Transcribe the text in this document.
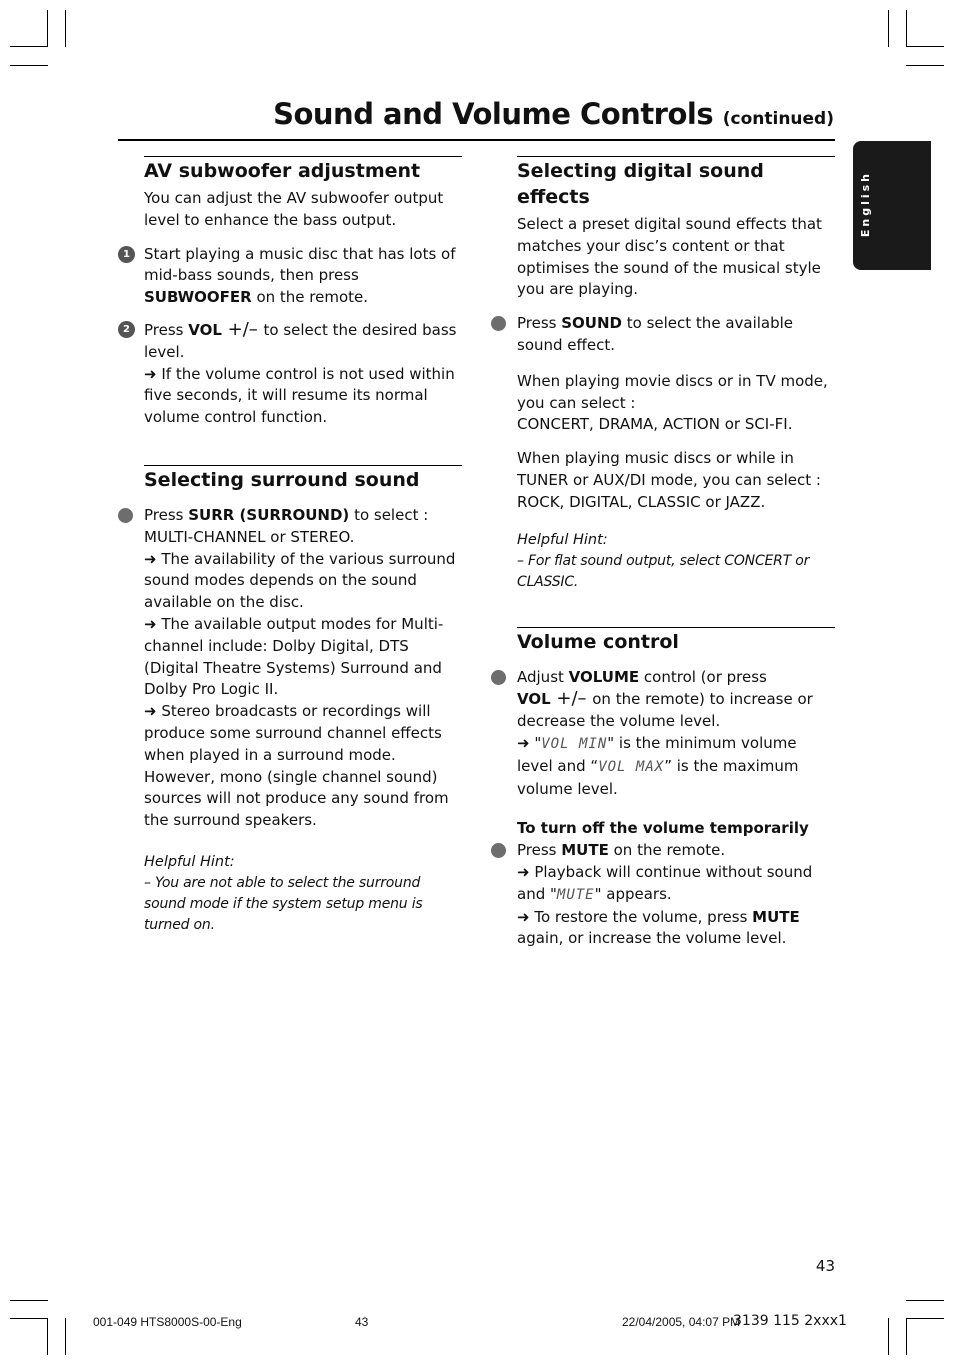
Sound and Volume Controls (continued)
English
AV subwoofer adjustment

You can adjust the AV subwoofer output level to enhance the bass output.

1 Start playing a music disc that has lots of mid-bass sounds, then press SUBWOOFER on the remote.
2 Press VOL +/– to select the desired bass level.
➜ If the volume control is not used within five seconds, it will resume its normal volume control function.
Selecting surround sound
Press SURR (SURROUND) to select : MULTI-CHANNEL or STEREO.
➜ The availability of the various surround sound modes depends on the sound available on the disc.
➜ The available output modes for Multi-channel include: Dolby Digital, DTS (Digital Theatre Systems) Surround and Dolby Pro Logic II.
➜ Stereo broadcasts or recordings will produce some surround channel effects when played in a surround mode. However, mono (single channel sound) sources will not produce any sound from the surround speakers.
Helpful Hint:
– You are not able to select the surround sound mode if the system setup menu is turned on.
Selecting digital sound effects

Select a preset digital sound effects that matches your disc’s content or that optimises the sound of the musical style you are playing.

Press SOUND to select the available sound effect.

When playing movie discs or in TV mode, you can select :
CONCERT, DRAMA, ACTION or SCI-FI.

When playing music discs or while in TUNER or AUX/DI mode, you can select : ROCK, DIGITAL, CLASSIC or JAZZ.

Helpful Hint:
– For flat sound output, select CONCERT or CLASSIC.
Volume control
Adjust VOLUME control (or press
VOL +/– on the remote) to increase or decrease the volume level.
➜ "VOL MIN" is the minimum volume level and “VOL MAX” is the maximum volume level.
To turn off the volume temporarily
Press MUTE on the remote.
➜ Playback will continue without sound and "MUTE" appears.
➜ To restore the volume, press MUTE again, or increase the volume level.
43
001-049 HTS8000S-00-Eng	43	22/04/2005, 04:07 PM
3139 115 2xxx1
